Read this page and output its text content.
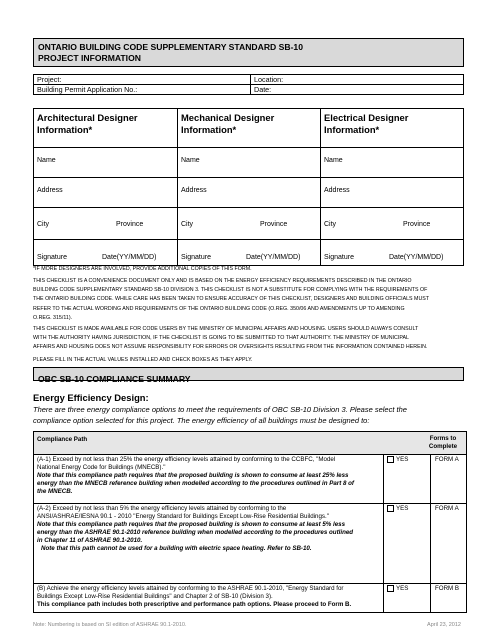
ONTARIO BUILDING CODE SUPPLEMENTARY STANDARD SB-10
PROJECT INFORMATION
Project:	Location:
Building Permit Application No.:	Date:
Architectural Designer
Information*
Name
Address
City	Province
Signature	Date(YY/MM/DD)
Mechanical Designer
Information*
Name
Address
City	Province
Signature	Date(YY/MM/DD)
Electrical Designer
Information*
Name
Address
City	Province
Signature	Date(YY/MM/DD)
*IF MORE DESIGNERS ARE INVOLVED, PROVIDE ADDITIONAL COPIES OF THIS FORM.
THIS CHECKLIST IS A CONVENIENCE DOCUMENT ONLY AND IS BASED ON THE ENERGY EFFICIENCY REQUIREMENTS DESCRIBED IN THE ONTARIO
BUILDING CODE SUPPLEMENTARY STANDARD SB-10 DIVISION 3. THIS CHECKLIST IS NOT A SUBSTITUTE FOR COMPLYING WITH THE REQUIREMENTS OF
THE ONTARIO BUILDING CODE. WHILE CARE HAS BEEN TAKEN TO ENSURE ACCURACY OF THIS CHECKLIST, DESIGNERS AND BUILDING OFFICIALS MUST
REFER TO THE ACTUAL WORDING AND REQUIREMENTS OF THE ONTARIO BUILDING CODE (O.REG. 350/06 AND AMENDMENTS UP TO AMENDING
O.REG. 315/11).
THIS CHECKLIST IS MADE AVAILABLE FOR CODE USERS BY THE MINISTRY OF MUNICIPAL AFFAIRS AND HOUSING. USERS SHOULD ALWAYS CONSULT
WITH THE AUTHORITY HAVING JURISDICTION, IF THE CHECKLIST IS GOING TO BE SUBMITTED TO THAT AUTHORITY. THE MINISTRY OF MUNICIPAL
AFFAIRS AND HOUSING DOES NOT ASSUME RESPONSIBILITY FOR ERRORS OR OVERSIGHTS RESULTING FROM THE INFORMATION CONTAINED HEREIN.
PLEASE FILL IN THE ACTUAL VALUES INSTALLED AND CHECK BOXES AS THEY APPLY.
OBC SB-10 COMPLIANCE SUMMARY
Energy Efficiency Design:
There are three energy compliance options to meet the requirements of OBC SB-10 Division 3. Please select the
compliance option selected for this project. The energy efficiency of all buildings must be designed to:
Compliance Path	Forms to
Complete
(A-1) Exceed by not less than 25% the energy efficiency levels attained by conforming to the CCBFC, "Model
National Energy Code for Buildings (MNECB)."
Note that this compliance path requires that the proposed building is shown to consume at least 25% less
energy than the MNECB reference building when modelled according to the procedures outlined in Part 8 of
the MNECB.
YES	FORM A
(A-2) Exceed by not less than 5% the energy efficiency levels attained by conforming to the
ANSI/ASHRAE/IESNA 90.1 - 2010 "Energy Standard for Buildings Except Low-Rise Residential Buildings."
Note that this compliance path requires that the proposed building is shown to consume at least 5% less
energy than the ASHRAE 90.1-2010 reference building when modelled according to the procedures outlined
in Chapter 11 of ASHRAE 90.1-2010.
Note that this path cannot be used for a building with electric space heating. Refer to SB-10.
YES	FORM A
(B) Achieve the energy efficiency levels attained by conforming to the ASHRAE 90.1-2010, "Energy Standard for
Buildings Except Low-Rise Residential Buildings" and Chapter 2 of SB-10 (Division 3).
This compliance path includes both prescriptive and performance path options. Please proceed to Form B.
YES	FORM B
Note: Numbering is based on SI edition of ASHRAE 90.1-2010.	April 23, 2012
